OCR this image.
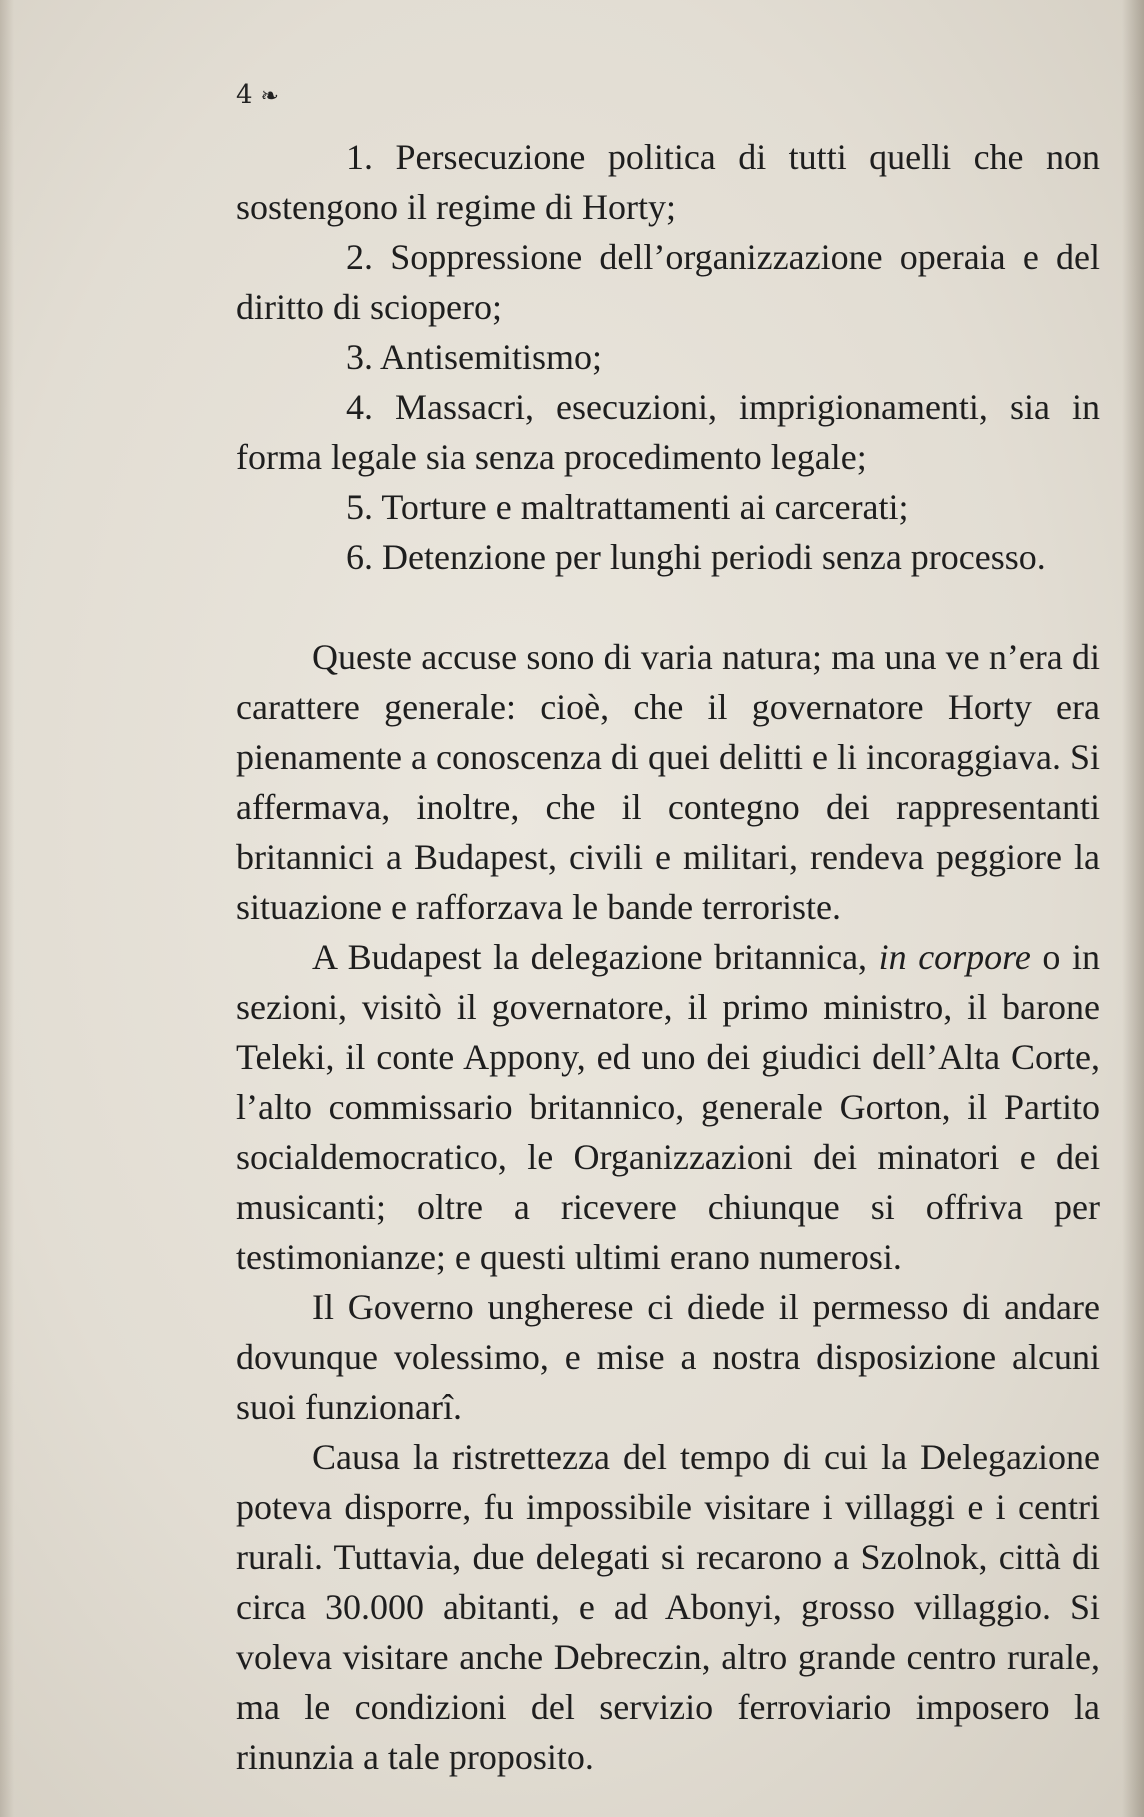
4 ❧

1. Persecuzione politica di tutti quelli che non sostengono il regime di Horty;

2. Soppressione dell’organizzazione operaia e del diritto di sciopero;

3. Antisemitismo;

4. Massacri, esecuzioni, imprigionamenti, sia in forma legale sia senza procedimento legale;

5. Torture e maltrattamenti ai carcerati;

6. Detenzione per lunghi periodi senza processo.

Queste accuse sono di varia natura; ma una ve n’era di carattere generale: cioè, che il governatore Horty era pienamente a conoscenza di quei delitti e li incoraggiava. Si affermava, inoltre, che il contegno dei rappresentanti britannici a Budapest, civili e militari, rendeva peggiore la situazione e rafforzava le bande terroriste.

A Budapest la delegazione britannica, in corpore o in sezioni, visitò il governatore, il primo ministro, il barone Teleki, il conte Appony, ed uno dei giudici dell’Alta Corte, l’alto commissario britannico, generale Gorton, il Partito socialdemocratico, le Organizzazioni dei minatori e dei musicanti; oltre a ricevere chiunque si offriva per testimonianze; e questi ultimi erano numerosi.

Il Governo ungherese ci diede il permesso di andare dovunque volessimo, e mise a nostra disposizione alcuni suoi funzionarî.

Causa la ristrettezza del tempo di cui la Delegazione poteva disporre, fu impossibile visitare i villaggi e i centri rurali. Tuttavia, due delegati si recarono a Szolnok, città di circa 30.000 abitanti, e ad Abonyi, grosso villaggio. Si voleva visitare anche Debreczin, altro grande centro rurale, ma le condizioni del servizio ferroviario imposero la rinunzia a tale proposito.
